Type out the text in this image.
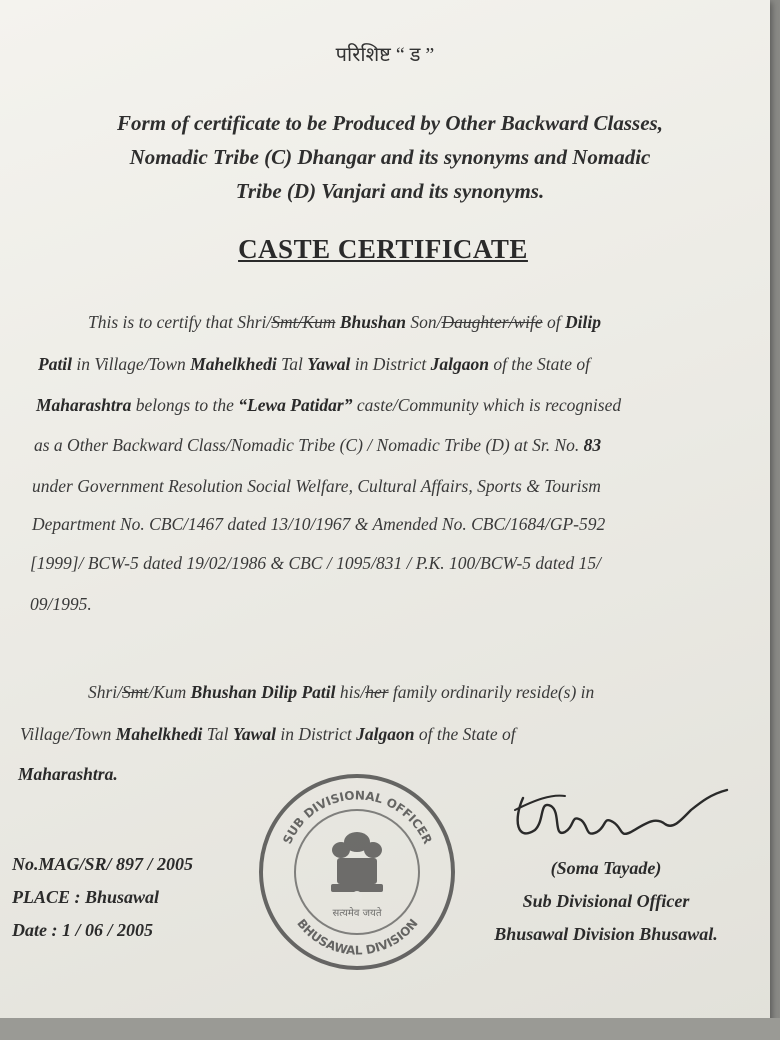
परिशिष्ट “ ड ”
Form of certificate to be Produced by Other Backward Classes,
Nomadic Tribe (C) Dhangar and its synonyms and Nomadic
Tribe (D) Vanjari and its synonyms.
CASTE CERTIFICATE
This is to certify that Shri/Smt/Kum Bhushan Son/Daughter/wife of Dilip
Patil in Village/Town Mahelkhedi Tal Yawal in District Jalgaon of the State of
Maharashtra belongs to the “Lewa Patidar” caste/Community which is recognised
as a Other Backward Class/Nomadic Tribe (C) / Nomadic Tribe (D) at Sr. No. 83
under Government Resolution Social Welfare, Cultural Affairs, Sports & Tourism
Department No. CBC/1467 dated 13/10/1967 & Amended No. CBC/1684/GP-592
[1999]/ BCW-5 dated 19/02/1986 & CBC / 1095/831 / P.K. 100/BCW-5 dated 15/
09/1995.
Shri/Smt/Kum Bhushan Dilip Patil his/her family ordinarily reside(s) in
Village/Town Mahelkhedi Tal Yawal in District Jalgaon of the State of
Maharashtra.
SUB DIVISIONAL OFFICER
BHUSAWAL DIVISION
सत्यमेव जयते
No.MAG/SR/ 897 / 2005
PLACE : Bhusawal
Date : 1 / 06 / 2005
(Soma Tayade)
Sub Divisional Officer
Bhusawal Division Bhusawal.
